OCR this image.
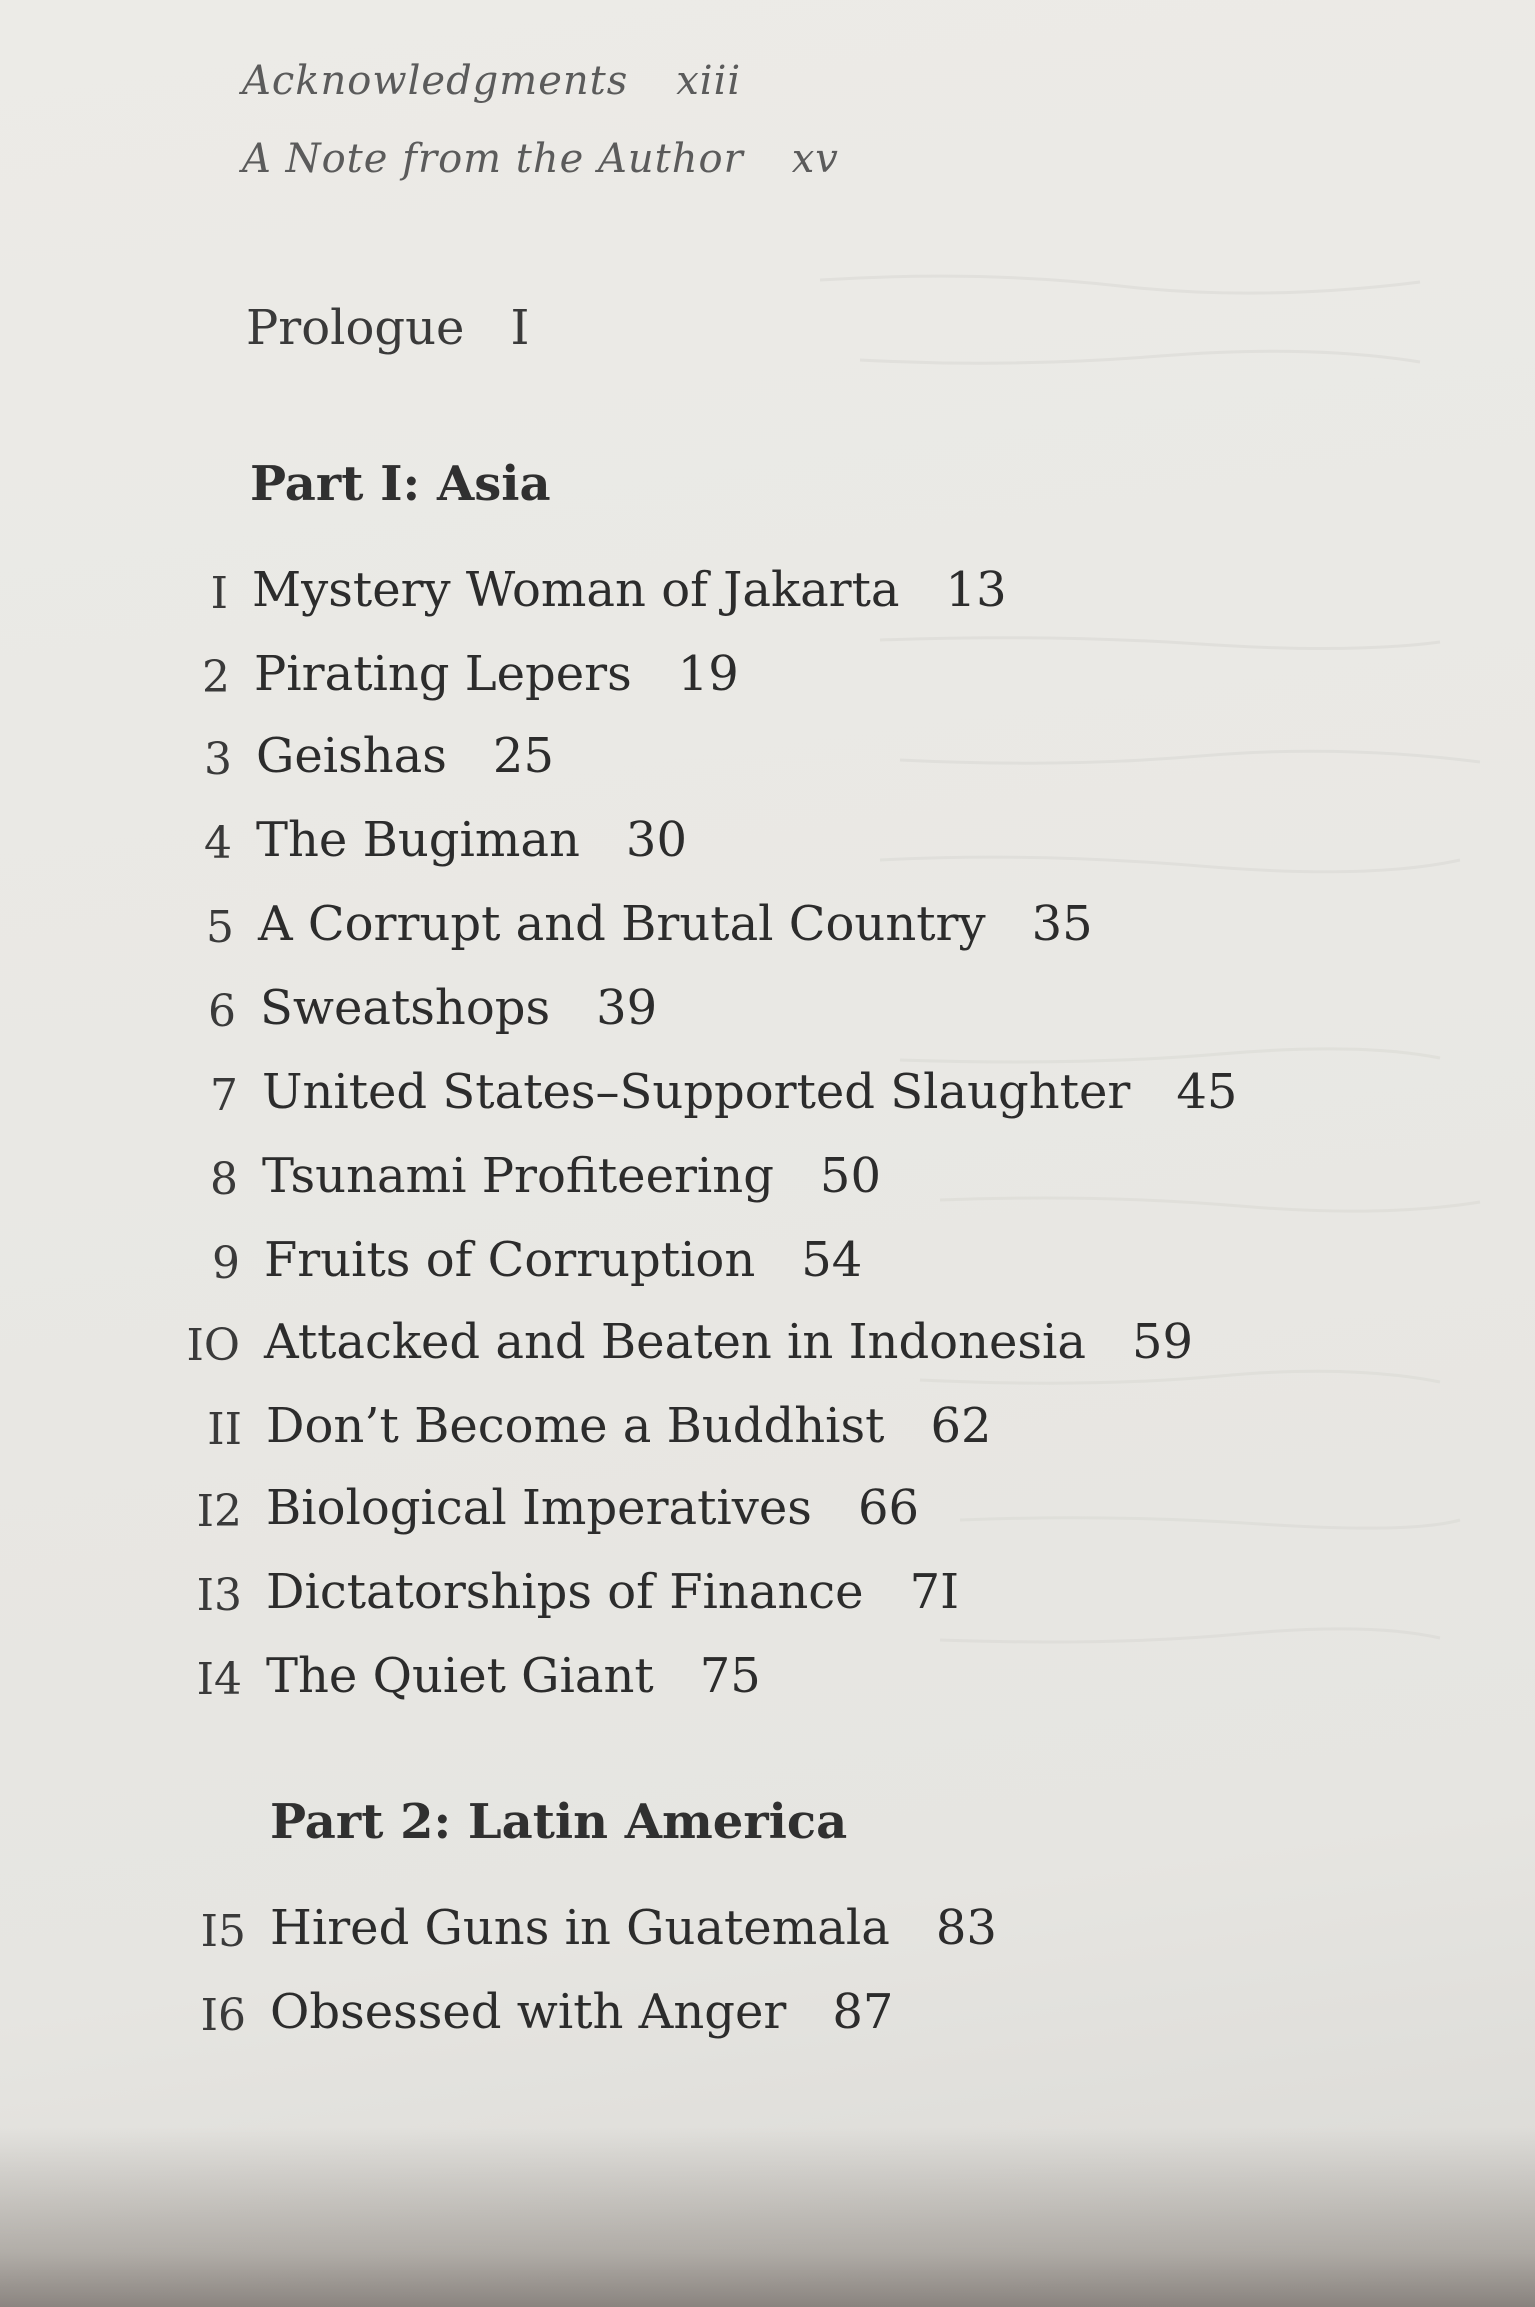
Acknowledgments xiii
A Note from the Author xv
Prologue I
Part I: Asia
I Mystery Woman of Jakarta 13
2 Pirating Lepers 19
3 Geishas 25
4 The Bugiman 30
5 A Corrupt and Brutal Country 35
6 Sweatshops 39
7 United States–Supported Slaughter 45
8 Tsunami Profiteering 50
9 Fruits of Corruption 54
IO Attacked and Beaten in Indonesia 59
II Don’t Become a Buddhist 62
I2 Biological Imperatives 66
I3 Dictatorships of Finance 7I
I4 The Quiet Giant 75
Part 2: Latin America
I5 Hired Guns in Guatemala 83
I6 Obsessed with Anger 87
